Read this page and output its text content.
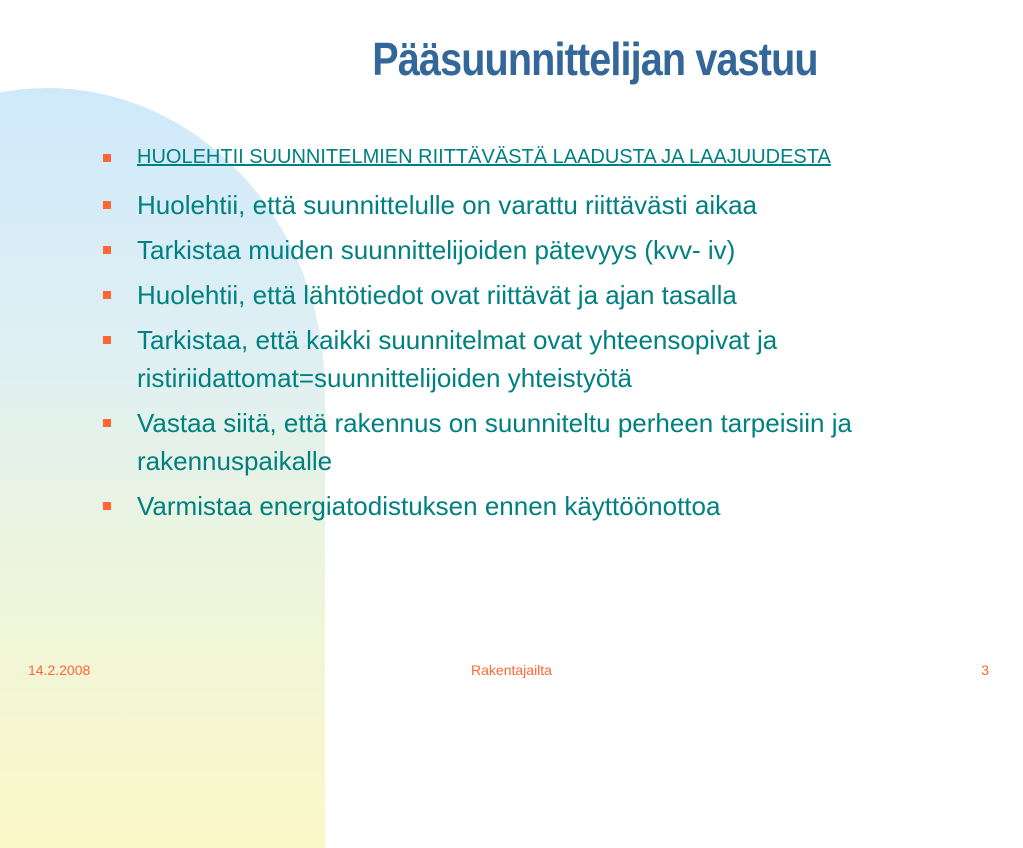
Pääsuunnittelijan vastuu
HUOLEHTII SUUNNITELMIEN RIITTÄVÄSTÄ LAADUSTA JA LAAJUUDESTA
Huolehtii, että suunnittelulle on varattu riittävästi aikaa
Tarkistaa muiden suunnittelijoiden pätevyys (kvv- iv)
Huolehtii, että lähtötiedot ovat riittävät ja ajan tasalla
Tarkistaa, että kaikki suunnitelmat ovat yhteensopivat ja ristiriidattomat=suunnittelijoiden yhteistyötä
Vastaa siitä, että rakennus on suunniteltu perheen tarpeisiin ja rakennuspaikalle
Varmistaa energiatodistuksen ennen käyttöönottoa
14.2.2008	Rakentajailta	3
